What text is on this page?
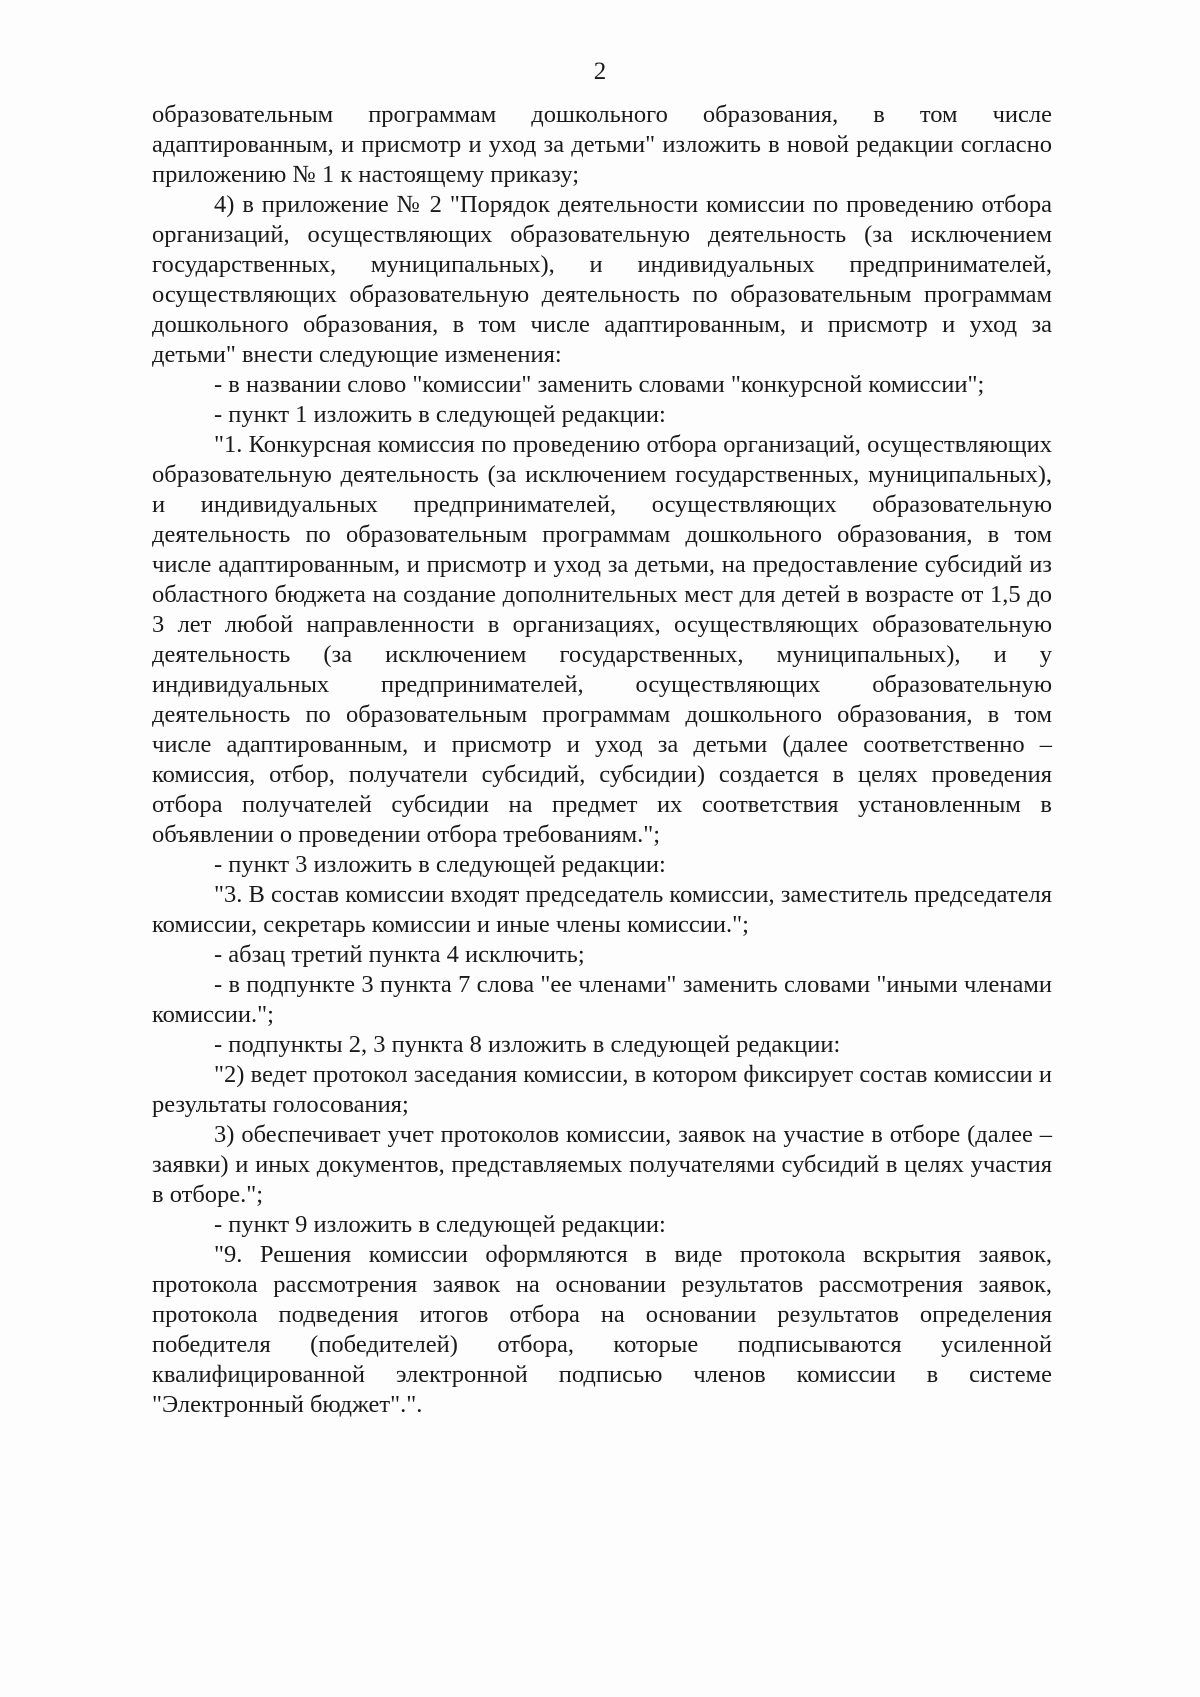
2

образовательным программам дошкольного образования, в том числе адаптированным, и присмотр и уход за детьми" изложить в новой редакции согласно приложению № 1 к настоящему приказу;

4) в приложение № 2 "Порядок деятельности комиссии по проведению отбора организаций, осуществляющих образовательную деятельность (за исключением государственных, муниципальных), и индивидуальных предпринимателей, осуществляющих образовательную деятельность по образовательным программам дошкольного образования, в том числе адаптированным, и присмотр и уход за детьми" внести следующие изменения:

- в названии слово "комиссии" заменить словами "конкурсной комиссии";

- пункт 1 изложить в следующей редакции:

"1. Конкурсная комиссия по проведению отбора организаций, осуществляющих образовательную деятельность (за исключением государственных, муниципальных), и индивидуальных предпринимателей, осуществляющих образовательную деятельность по образовательным программам дошкольного образования, в том числе адаптированным, и присмотр и уход за детьми, на предоставление субсидий из областного бюджета на создание дополнительных мест для детей в возрасте от 1,5 до 3 лет любой направленности в организациях, осуществляющих образовательную деятельность (за исключением государственных, муниципальных), и у индивидуальных предпринимателей, осуществляющих образовательную деятельность по образовательным программам дошкольного образования, в том числе адаптированным, и присмотр и уход за детьми (далее соответственно – комиссия, отбор, получатели субсидий, субсидии) создается в целях проведения отбора получателей субсидии на предмет их соответствия установленным в объявлении о проведении отбора требованиям.";

- пункт 3 изложить в следующей редакции:

"3. В состав комиссии входят председатель комиссии, заместитель председателя комиссии, секретарь комиссии и иные члены комиссии.";

- абзац третий пункта 4 исключить;

- в подпункте 3 пункта 7 слова "ее членами" заменить словами "иными членами комиссии.";

- подпункты 2, 3 пункта 8 изложить в следующей редакции:

"2) ведет протокол заседания комиссии, в котором фиксирует состав комиссии и результаты голосования;

3) обеспечивает учет протоколов комиссии, заявок на участие в отборе (далее – заявки) и иных документов, представляемых получателями субсидий в целях участия в отборе.";

- пункт 9 изложить в следующей редакции:

"9. Решения комиссии оформляются в виде протокола вскрытия заявок, протокола рассмотрения заявок на основании результатов рассмотрения заявок, протокола подведения итогов отбора на основании результатов определения победителя (победителей) отбора, которые подписываются усиленной квалифицированной электронной подписью членов комиссии в системе "Электронный бюджет".".
